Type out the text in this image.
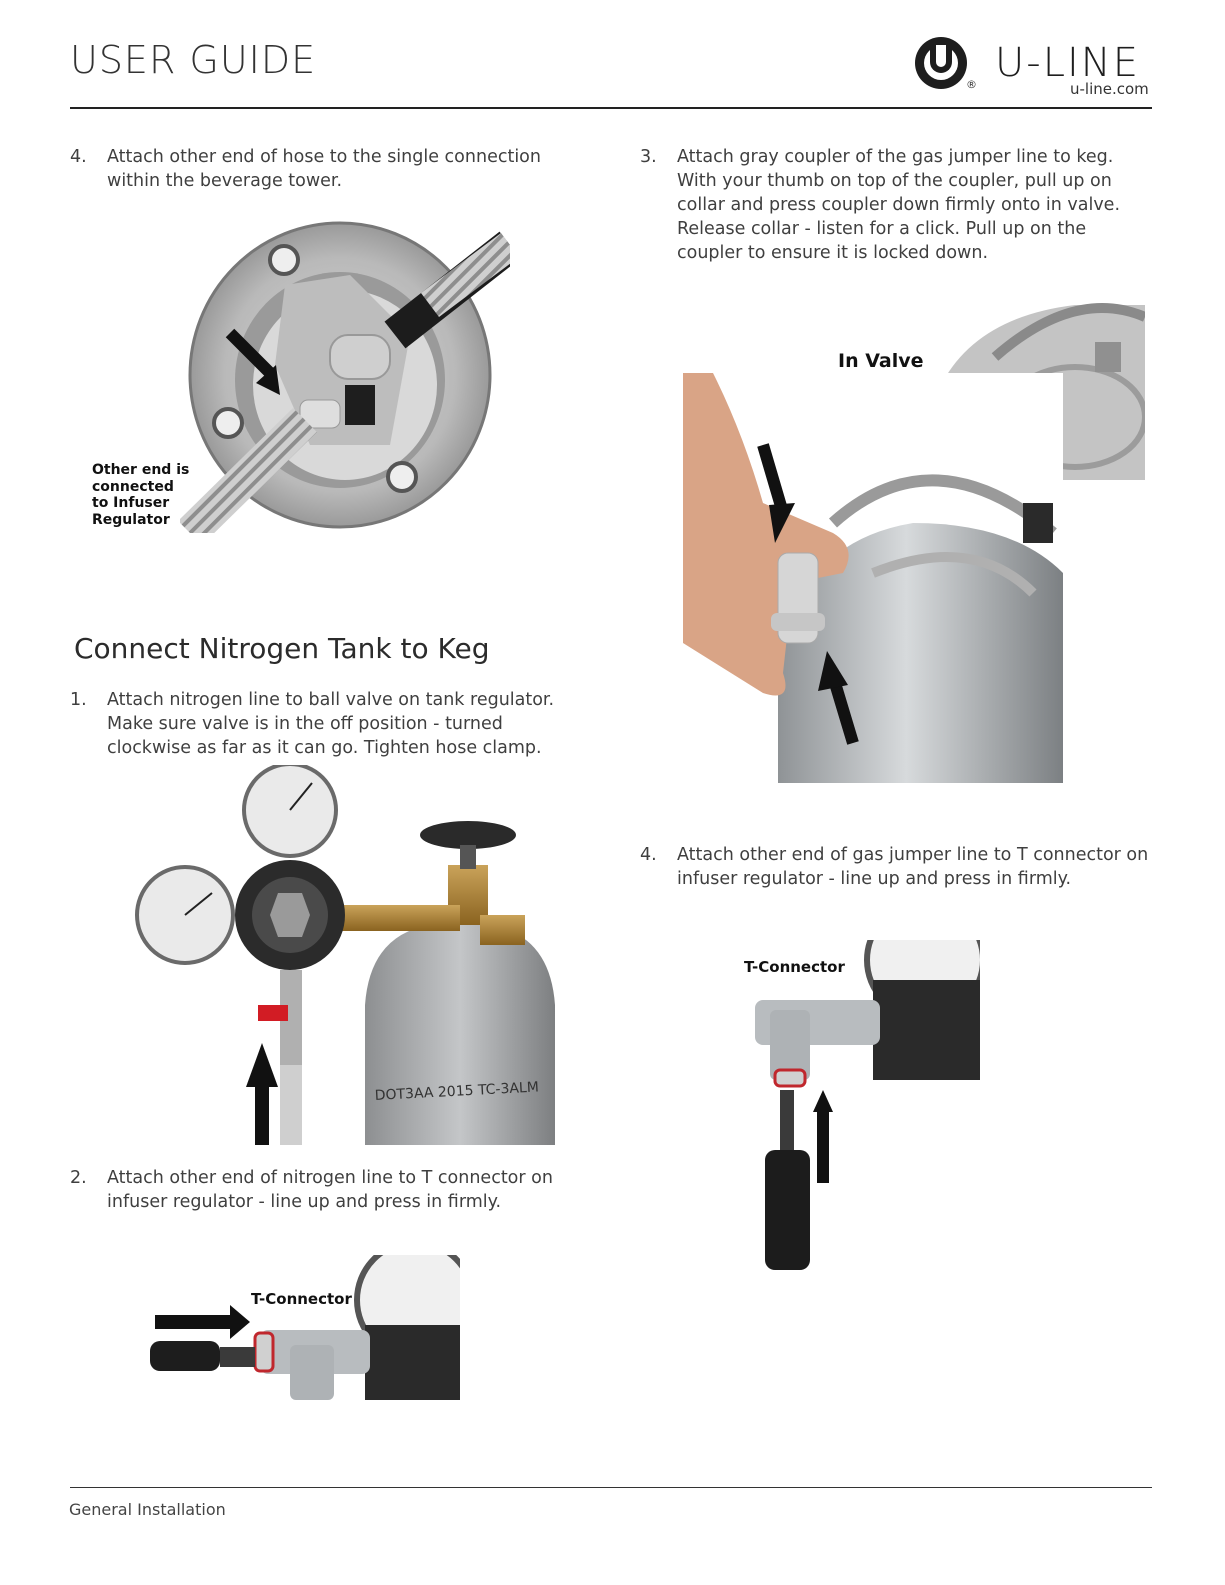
USER GUIDE
® U-LINE
u-line.com
4. Attach other end of hose to the single connection
within the beverage tower.
Other end is
connected
to Infuser
Regulator
Connect Nitrogen Tank to Keg
1. Attach nitrogen line to ball valve on tank regulator.
Make sure valve is in the off position - turned
clockwise as far as it can go. Tighten hose clamp.
DOT3AA 2015 TC-3ALM
2. Attach other end of nitrogen line to T connector on
infuser regulator - line up and press in firmly.
T-Connector
3. Attach gray coupler of the gas jumper line to keg.
With your thumb on top of the coupler, pull up on
collar and press coupler down firmly onto in valve.
Release collar - listen for a click. Pull up on the
coupler to ensure it is locked down.
In Valve
4. Attach other end of gas jumper line to T connector on
infuser regulator - line up and press in firmly.
T-Connector
General Installation
